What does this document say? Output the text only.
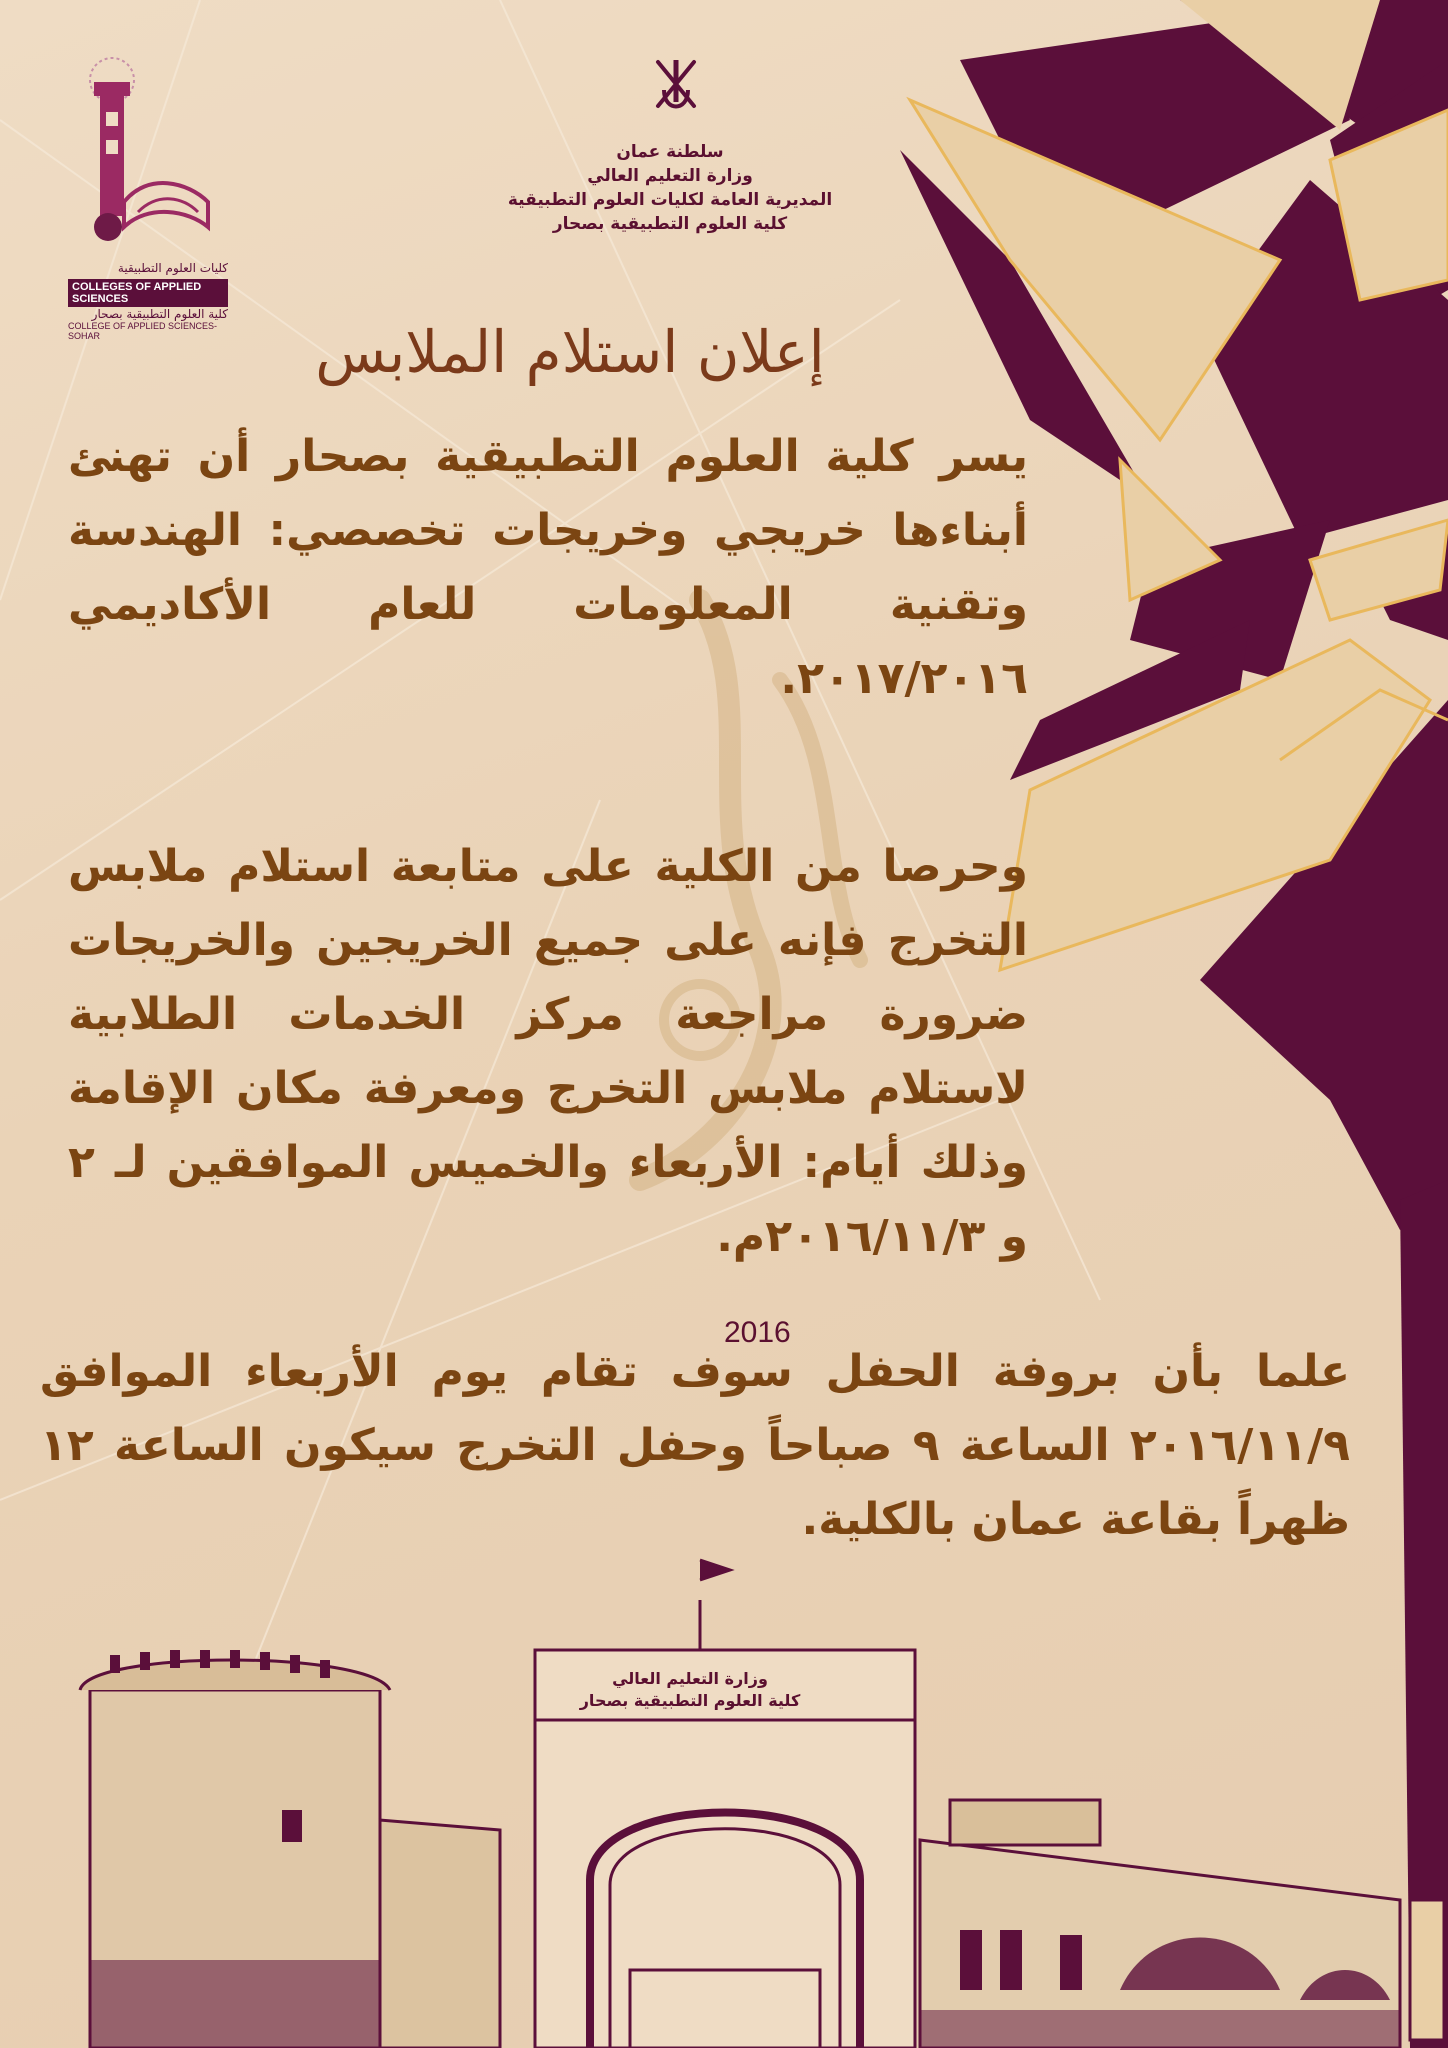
كليات العلوم التطبيقية
COLLEGES OF APPLIED SCIENCES
كلية العلوم التطبيقية بصحار
COLLEGE OF APPLIED SCIENCES-SOHAR
سلطنة عمان
وزارة التعليم العالي
المديرية العامة لكليات العلوم التطبيقية
كلية العلوم التطبيقية بصحار
إعلان استلام الملابس
يسر كلية العلوم التطبيقية بصحار أن تهنئ أبناءها خريجي وخريجات تخصصي: الهندسة وتقنية المعلومات للعام الأكاديمي ٢٠١٧/٢٠١٦.
وحرصا من الكلية على متابعة استلام ملابس التخرج فإنه على جميع الخريجين والخريجات ضرورة مراجعة مركز الخدمات الطلابية لاستلام ملابس التخرج ومعرفة مكان الإقامة وذلك أيام: الأربعاء والخميس الموافقين لـ ٢ و ٢٠١٦/١١/٣م.
2016
علما بأن بروفة الحفل سوف تقام يوم الأربعاء الموافق ٢٠١٦/١١/٩ الساعة ٩ صباحاً وحفل التخرج سيكون الساعة ١٢ ظهراً بقاعة عمان بالكلية.
وزارة التعليم العالي
كلية العلوم التطبيقية بصحار
